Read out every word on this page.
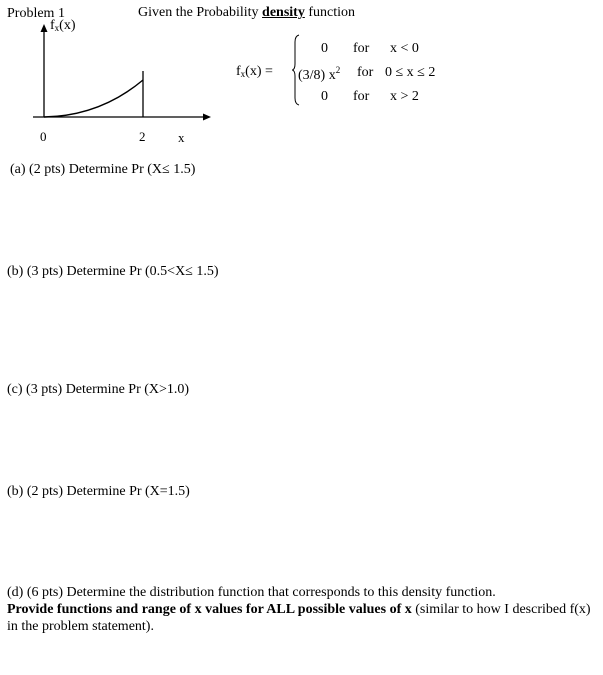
Problem 1	Given the Probability density function
$f_x(x)$
0	2	x
$f_x(x)$ =
0 for x < 0
(3/8) $x^2$ for 0 ≤ x ≤ 2
0 for x > 2
(a) (2 pts) Determine Pr (X≤ 1.5)
(b) (3 pts) Determine Pr (0.5<X≤ 1.5)
(c) (3 pts) Determine Pr (X>1.0)
(b) (2 pts) Determine Pr (X=1.5)
(d) (6 pts) Determine the distribution function that corresponds to this density function.
Provide functions and range of x values for ALL possible values of x (similar to how I described f(x) in the problem statement).
